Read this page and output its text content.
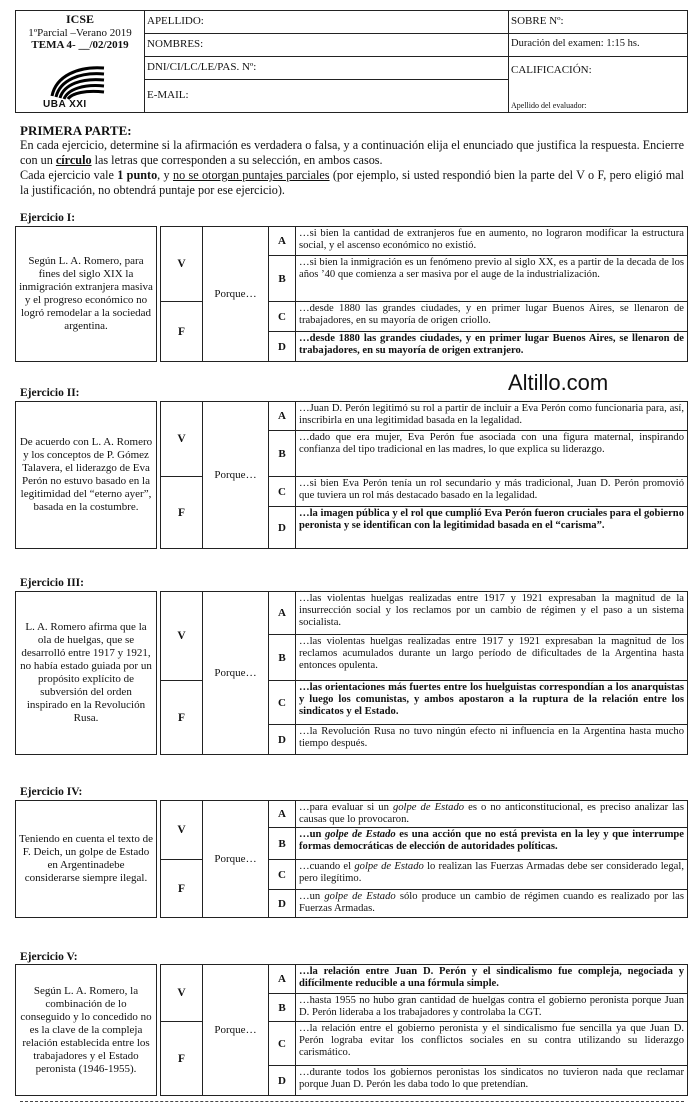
ICSE
1ºParcial –Verano 2019
TEMA 4- __/02/2019
UBA XXI
APELLIDO:
NOMBRES:
DNI/CI/LC/LE/PAS. Nº:
E-MAIL:
SOBRE Nº:
Duración del examen: 1:15 hs.
CALIFICACIÓN:
Apellido del evaluador:
PRIMERA PARTE:
En cada ejercicio, determine si la afirmación es verdadera o falsa, y a continuación elija el enunciado que justifica la respuesta. Encierre con un círculo las letras que corresponden a su selección, en ambos casos.
Cada ejercicio vale 1 punto, y no se otorgan puntajes parciales (por ejemplo, si usted respondió bien la parte del V o F, pero eligió mal la justificación, no obtendrá puntaje por ese ejercicio).
Altillo.com
Ejercicio I:
Según L. A. Romero, para fines del siglo XIX la inmigración extranjera masiva y el progreso económico no logró remodelar a la sociedad argentina.
V
F
Porque…
A
…si bien la cantidad de extranjeros fue en aumento, no lograron modificar la estructura social, y el ascenso económico no existió.
B
…si bien la inmigración es un fenómeno previo al siglo XX, es a partir de la decada de los años ’40 que comienza a ser masiva por el auge de la industrialización.
C
…desde 1880 las grandes ciudades, y en primer lugar Buenos Aires, se llenaron de trabajadores, en su mayoría de origen criollo.
D
…desde 1880 las grandes ciudades, y en primer lugar Buenos Aires, se llenaron de trabajadores, en su mayoría de origen extranjero.
Ejercicio II:
De acuerdo con L. A. Romero y los conceptos de P. Gómez Talavera, el liderazgo de Eva Perón no estuvo basado en la legitimidad del “eterno ayer”, basada en la costumbre.
V
F
Porque…
A
…Juan D. Perón legitimó su rol a partir de incluir a Eva Perón como funcionaria para, así, inscribirla en una legitimidad basada en la legalidad.
B
…dado que era mujer, Eva Perón fue asociada con una figura maternal, inspirando confianza del tipo tradicional en las madres, lo que explica su liderazgo.
C
…si bien Eva Perón tenía un rol secundario y más tradicional, Juan D. Perón promovió que tuviera un rol más destacado basado en la legalidad.
D
…la imagen pública y el rol que cumplió Eva Perón fueron cruciales para el gobierno peronista y se identifican con la legitimidad basada en el “carisma”.
Ejercicio III:
L. A. Romero afirma que la ola de huelgas, que se desarrolló entre 1917 y 1921, no había estado guiada por un propósito explícito de subversión del orden inspirado en la Revolución Rusa.
V
F
Porque…
A
…las violentas huelgas realizadas entre 1917 y 1921 expresaban la magnitud de la insurrección social y los reclamos por un cambio de régimen y el paso a un sistema socialista.
B
…las violentas huelgas realizadas entre 1917 y 1921 expresaban la magnitud de los reclamos acumulados durante un largo período de dificultades de la Argentina hasta entonces opulenta.
C
…las orientaciones más fuertes entre los huelguistas correspondían a los anarquistas y luego los comunistas, y ambos apostaron a la ruptura de la relación entre los sindicatos y el Estado.
D
…la Revolución Rusa no tuvo ningún efecto ni influencia en la Argentina hasta mucho tiempo después.
Ejercicio IV:
Teniendo en cuenta el texto de F. Deich, un golpe de Estado en Argentinadebe considerarse siempre ilegal.
V
F
Porque…
A
…para evaluar si un golpe de Estado es o no anticonstitucional, es preciso analizar las causas que lo provocaron.
B
…un golpe de Estado es una acción que no está prevista en la ley y que interrumpe formas democráticas de elección de autoridades políticas.
C
…cuando el golpe de Estado lo realizan las Fuerzas Armadas debe ser considerado legal, pero ilegítimo.
D
…un golpe de Estado sólo produce un cambio de régimen cuando es realizado por las Fuerzas Armadas.
Ejercicio V:
Según L. A. Romero, la combinación de lo conseguido y lo concedido no es la clave de la compleja relación establecida entre los trabajadores y el Estado peronista (1946-1955).
V
F
Porque…
A
…la relación entre Juan D. Perón y el sindicalismo fue compleja, negociada y difícilmente reducible a una fórmula simple.
B
…hasta 1955 no hubo gran cantidad de huelgas contra el gobierno peronista porque Juan D. Perón lideraba a los trabajadores y controlaba la CGT.
C
…la relación entre el gobierno peronista y el sindicalismo fue sencilla ya que Juan D. Perón lograba evitar los conflictos sociales en su contra utilizando su liderazgo carismático.
D
…durante todos los gobiernos peronistas los sindicatos no tuvieron nada que reclamar porque Juan D. Perón les daba todo lo que pretendían.
